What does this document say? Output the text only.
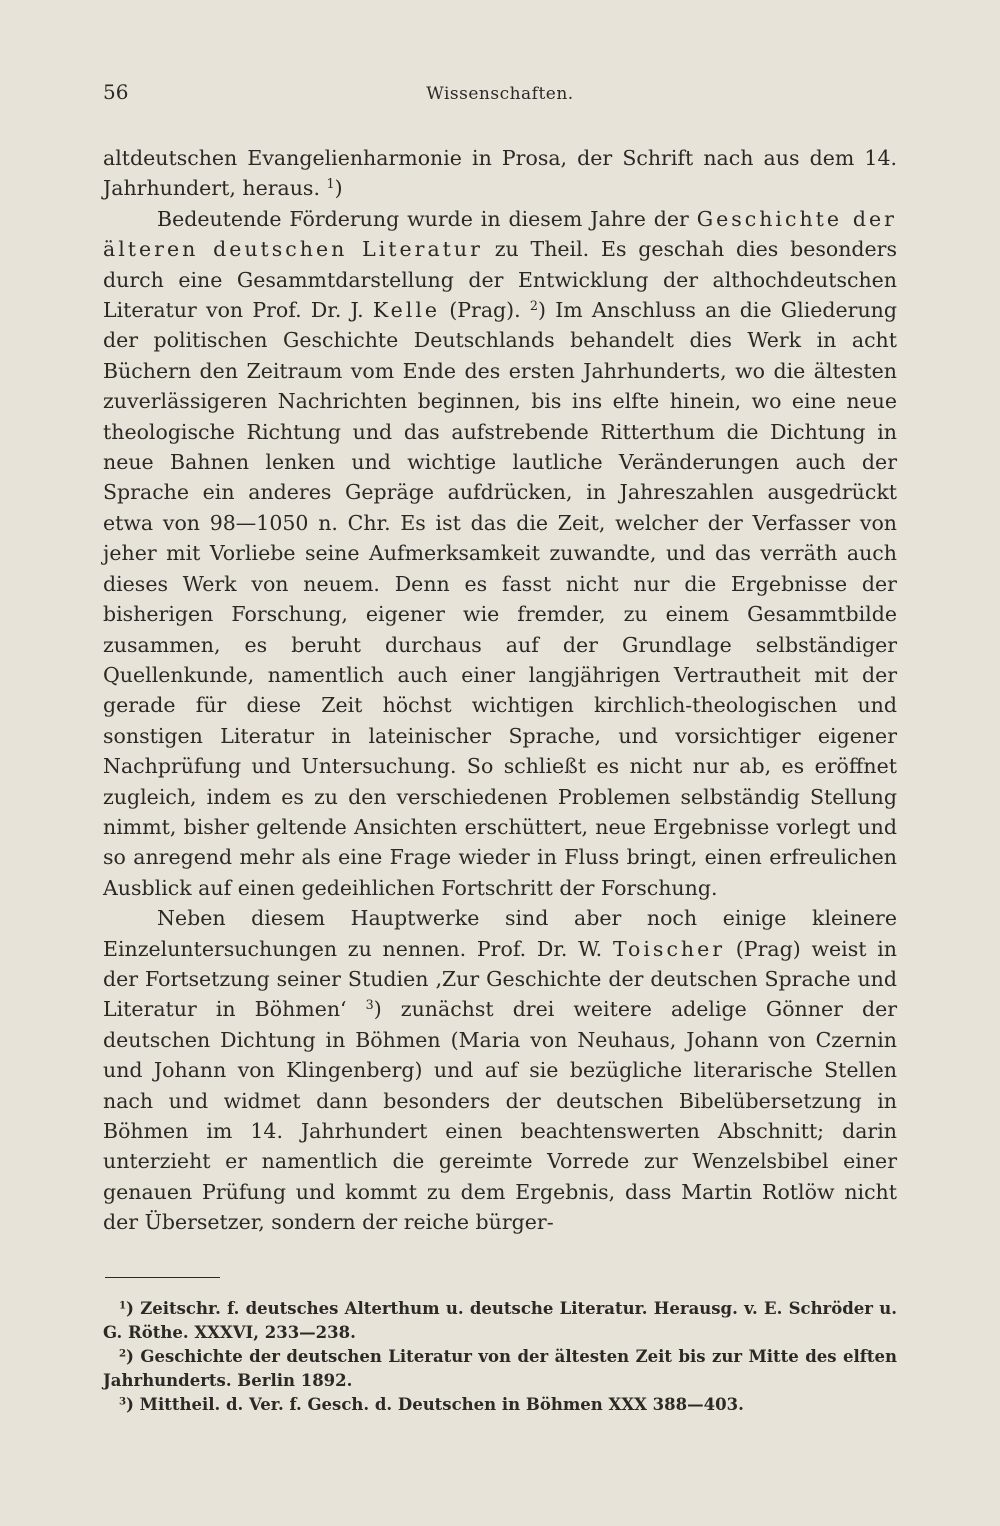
56	Wissenschaften.

altdeutschen Evangelienharmonie in Prosa, der Schrift nach aus dem 14. Jahrhundert, heraus. $^1$)

Bedeutende Förderung wurde in diesem Jahre der Geschichte der älteren deutschen Literatur zu Theil. Es geschah dies besonders durch eine Gesammtdarstellung der Entwicklung der althochdeutschen Literatur von Prof. Dr. J. Kelle (Prag). $^2$) Im Anschluss an die Gliederung der politischen Geschichte Deutschlands behandelt dies Werk in acht Büchern den Zeitraum vom Ende des ersten Jahrhunderts, wo die ältesten zuverlässigeren Nachrichten beginnen, bis ins elfte hinein, wo eine neue theologische Richtung und das aufstrebende Ritterthum die Dichtung in neue Bahnen lenken und wichtige lautliche Veränderungen auch der Sprache ein anderes Gepräge aufdrücken, in Jahreszahlen ausgedrückt etwa von 98—1050 n. Chr. Es ist das die Zeit, welcher der Verfasser von jeher mit Vorliebe seine Aufmerksamkeit zuwandte, und das verräth auch dieses Werk von neuem. Denn es fasst nicht nur die Ergebnisse der bisherigen Forschung, eigener wie fremder, zu einem Gesammtbilde zusammen, es beruht durchaus auf der Grundlage selbständiger Quellenkunde, namentlich auch einer langjährigen Vertrautheit mit der gerade für diese Zeit höchst wichtigen kirchlich-theologischen und sonstigen Literatur in lateinischer Sprache, und vorsichtiger eigener Nachprüfung und Untersuchung. So schließt es nicht nur ab, es eröffnet zugleich, indem es zu den verschiedenen Problemen selbständig Stellung nimmt, bisher geltende Ansichten erschüttert, neue Ergebnisse vorlegt und so anregend mehr als eine Frage wieder in Fluss bringt, einen erfreulichen Ausblick auf einen gedeihlichen Fortschritt der Forschung.

Neben diesem Hauptwerke sind aber noch einige kleinere Einzeluntersuchungen zu nennen. Prof. Dr. W. Toischer (Prag) weist in der Fortsetzung seiner Studien ‚Zur Geschichte der deutschen Sprache und Literatur in Böhmen‘ $^3$) zunächst drei weitere adelige Gönner der deutschen Dichtung in Böhmen (Maria von Neuhaus, Johann von Czernin und Johann von Klingenberg) und auf sie bezügliche literarische Stellen nach und widmet dann besonders der deutschen Bibelübersetzung in Böhmen im 14. Jahrhundert einen beachtenswerten Abschnitt; darin unterzieht er namentlich die gereimte Vorrede zur Wenzelsbibel einer genauen Prüfung und kommt zu dem Ergebnis, dass Martin Rotlöw nicht der Übersetzer, sondern der reiche bürger-

$^1$) Zeitschr. f. deutsches Alterthum u. deutsche Literatur. Herausg. v. E. Schröder u. G. Röthe. XXXVI, 233—238.

$^2$) Geschichte der deutschen Literatur von der ältesten Zeit bis zur Mitte des elften Jahrhunderts. Berlin 1892.

$^3$) Mittheil. d. Ver. f. Gesch. d. Deutschen in Böhmen XXX 388—403.
